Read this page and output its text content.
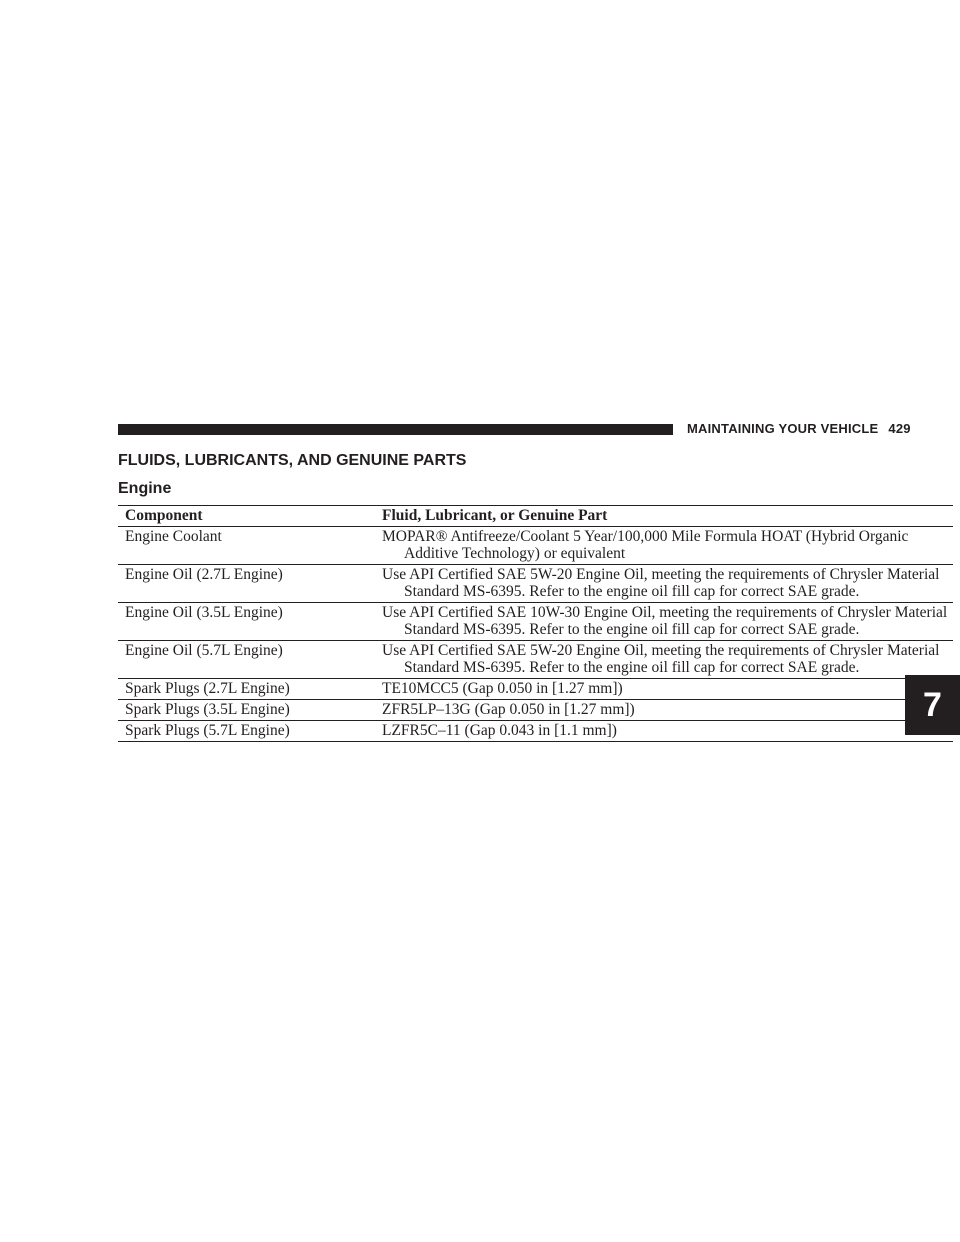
MAINTAINING YOUR VEHICLE 429
FLUIDS, LUBRICANTS, AND GENUINE PARTS
Engine
Component	Fluid, Lubricant, or Genuine Part
Engine Coolant	MOPAR® Antifreeze/Coolant 5 Year/100,000 Mile Formula HOAT (Hybrid Organic Additive Technology) or equivalent

Engine Oil (2.7L Engine)	Use API Certified SAE 5W-20 Engine Oil, meeting the requirements of Chrysler Material Standard MS-6395. Refer to the engine oil fill cap for correct SAE grade.

Engine Oil (3.5L Engine)	Use API Certified SAE 10W-30 Engine Oil, meeting the requirements of Chrysler Material Standard MS-6395. Refer to the engine oil fill cap for correct SAE grade.

Engine Oil (5.7L Engine)	Use API Certified SAE 5W-20 Engine Oil, meeting the requirements of Chrysler Material Standard MS-6395. Refer to the engine oil fill cap for correct SAE grade.

Spark Plugs (2.7L Engine)	TE10MCC5 (Gap 0.050 in [1.27 mm])

Spark Plugs (3.5L Engine)	ZFR5LP–13G (Gap 0.050 in [1.27 mm])

Spark Plugs (5.7L Engine)	LZFR5C–11 (Gap 0.043 in [1.1 mm])
7
